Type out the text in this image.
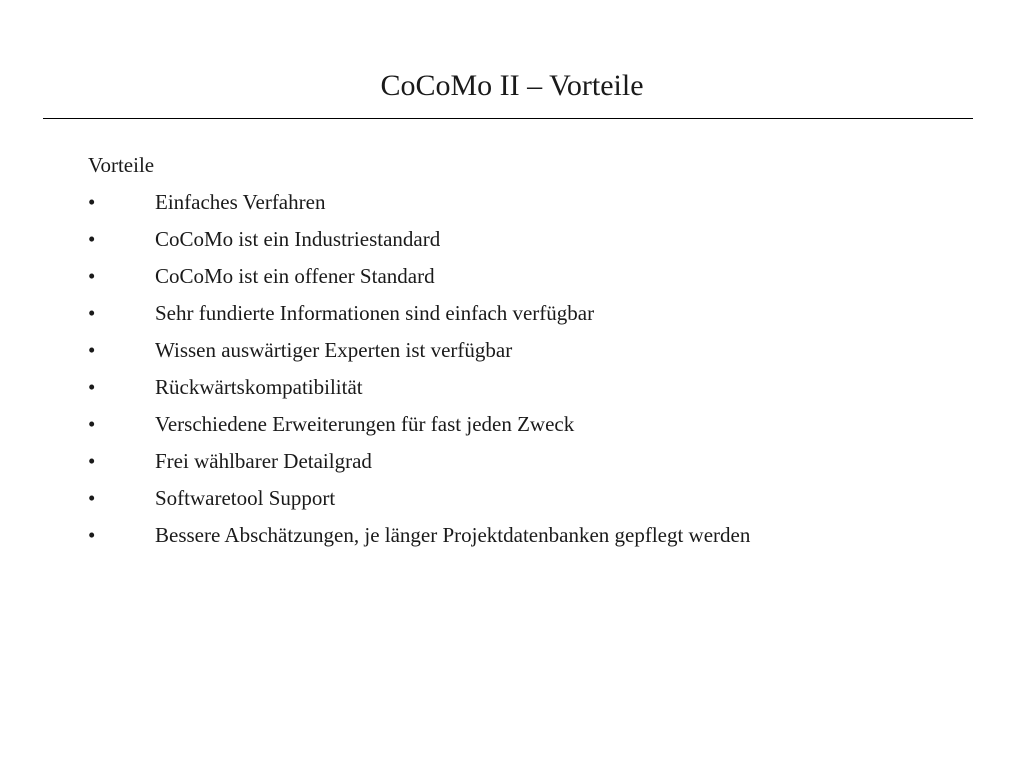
CoCoMo II – Vorteile
Vorteile
•	Einfaches Verfahren
•	CoCoMo ist ein Industriestandard
•	CoCoMo ist ein offener Standard
•	Sehr fundierte Informationen sind einfach verfügbar
•	Wissen auswärtiger Experten ist verfügbar
•	Rückwärtskompatibilität
•	Verschiedene Erweiterungen für fast jeden Zweck
•	Frei wählbarer Detailgrad
•	Softwaretool Support
•	Bessere Abschätzungen, je länger Projektdatenbanken gepflegt werden
